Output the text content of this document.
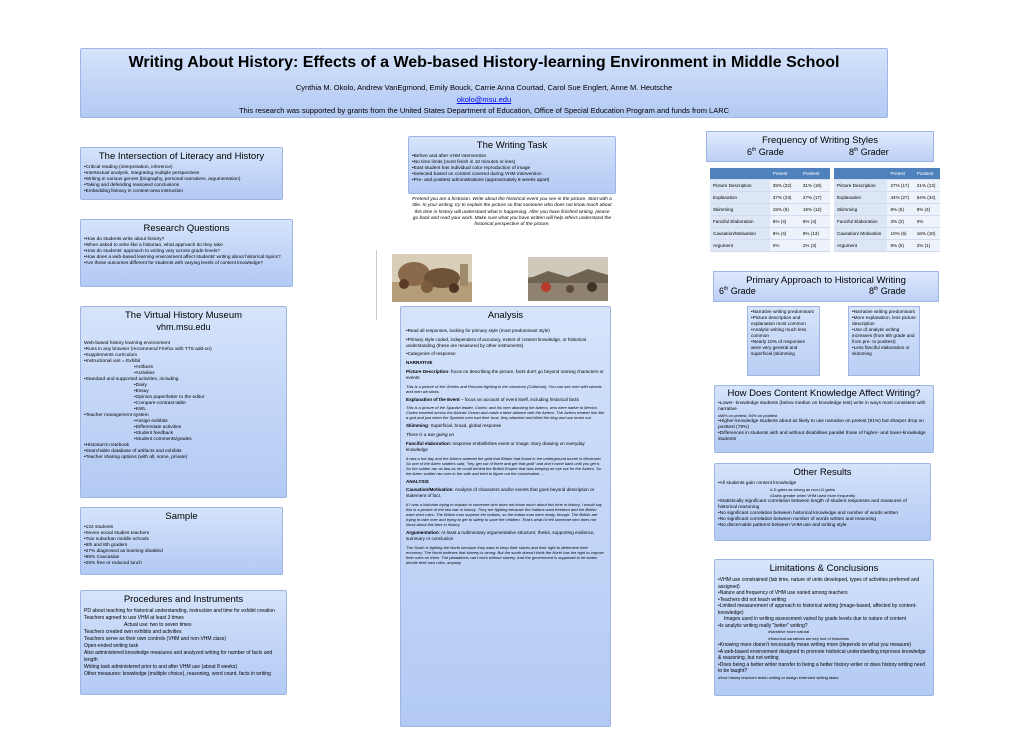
Writing About History: Effects of a Web-based History-learning Environment in Middle School
Cynthia M. Okolo, Andrew VanEgmond, Emily Bouck, Carrie Anna Courtad, Carol Sue Englert, Anne M. Heutsche
okolo@msu.edu
This research was supported by grants from the United States Department of Education, Office of Special Education Program and funds from LARC
The Intersection of Literacy and History
•Critical reading (interpretation, inference)
•Intertextual analysis, integrating multiple perspectives
•Writing in various genres (biography, personal narratives, argumentation)
•Taking and defending reasoned conclusions
•Embedding literacy in content-area instruction
Research Questions
•How do students write about history?
•When asked to write like a historian, what approach do they take
•How do students' approach to writing vary across grade levels?
•How does a web-based learning environment affect students' writing about historical topics?
•Are these outcomes different for students with varying levels of content knowledge?
The Virtual History Museum
vhm.msu.edu
Web-based history learning environment
•Runs in any browser (recommend Firefox with TTS add-on)
•Supplements curriculum
•Instructional unit = Exhibit
•Artifacts
•Activities
•Standard and supported activities, including
•Dairy
•Essay
•Opinion paper/letter to the editor
•Compare-contrast table
•KWL
•Teacher management system
•Assign exhibits
•Differentiate activities
•Student feedback
•Student comments/grades
•Historian's notebook
•Searchable database of artifacts and exhibits
•Teacher sharing options (with all, some, private)
Sample
•124 students
•Seven social studies teachers
•Two suburban middle schools
•6th and 8th graders
•27% diagnosed as learning disabled
•95% Caucasian
•25% free or reduced lunch
Procedures and Instruments
PD about teaching for historical understanding, instruction and time for exhibit creation
Teachers agreed to use VHM at least 3 times
Actual use: two to seven times
Teachers created own exhibits and activities
Teachers serve as their own controls (VHM and non-VHM class)
Open-ended writing task
Also administered knowledge measures and analyzed writing for number of facts and length
Writing task administered prior to and after VHM use (about 8 weeks)
Other measures: knowledge (multiple choice), reasoning, word count, facts in writing
The Writing Task
•Before and after VHM intervention
•No time limits (most finish in 10 minutes or less)
•East student has individual color reproduction of image
•Selected based on content covered during VHM intervention
•Pre- and posttest administrations (approximately 8 weeks apart)
Pretend you are a historian. Write about the historical event you see in the picture. Start with a title. In your writing, try to explain the picture so that someone who does not know much about this time in history will understand what is happening. After you have finished writing, please go back and read your work. Make sure what you have written will help others understand the historical perspective of the picture.
Analysis

•Read all responses, looking for primary style (most predominant style)

•Primary style coded, independent of accuracy, extent of content knowledge, or historical understanding (these are measured by other instruments)

•Categories of response:

NARRATIVE

Picture Description- focus on describing the picture, facts don't go beyond naming characters or events

This is a picture of the Greeks and Romans fighting in the coloseom (Coliseum). You can see men with swords and men wit sticks.

Explanation of the Event – focus on account of event itself, including historical facts

This is a picture of the Spanish leader, Cortez, and his men attacking the Aztecs, who were native to Mexico. Cortez traveled across the Atlantic Ocean and made a false alliance with the Aztecs. The Aztecs treated him like a god and just when the Spanish men had their trust, they attacked and killed the king and war broke out.

Skimming: Superficial, broad, global response

There is a war going on

Fanciful elaboration: response embellishes event or image; story drawing on everyday knowledge

It was a hot day and the Aztecs watered the gold that Britain had found in the underground tunnel in Mexicodo. So one of the Aztec soldiers said, "hey, get out of there and get that gold" and don't come back until you get it. So the soldier ran as fast as he could behind the British Empire that was keeping an eye out for the Aztecs. So the Aztec soldier ran over to the safe and tried to figure out the combination.…

ANALYSIS

Causation/Motivation: Analysis of characters and/or events that goes beyond description or statement of fact.

If I was a historian trying to explain to someone who does not know much about this time in history, I would say this is a picture of the last war in history. They are fighting because the Indians want freedom and the British want strict rules. The British man surprise the Indians, so the Indian man were ready, though. The British are trying to take over and trying to get to safety to save the children. That's what I'd tell someone who does not know about this time in history.

Argumentation: At least a rudimentary argumentative structure; thesis, supporting evidence, summary or conclusion

The South is fighting the North because they want to keep their slaves and their right to determine their economy. The North believes that slavery is wrong. But the south doesn't think the North has the right to impose their rules on them. The plantations can't work without slavery. And the government is supposed to let states decide their own rules, anyway.

Frequency of Writing Styles
6th Grade	8th Grader
	Pretest	Posttest
Picture Description	35% (22)	31% (19)
Explanation	37% (23)	27% (17)
Skimming	15% (9)	19% (12)
Fanciful Elaboration	6% (4)	6% (4)
Causation/Motivation	6% (4)	8% (13)
Argument	0%	2% (3)
	Pretest	Posttest
Picture Description	27% (17)	21% (13)
Explanation	44% (27)	54% (34)
Skimming	8% (5)	6% (4)
Fanciful Elaboration	3% (2)	0%
Causation/ Motivation	10% (6)	16% (10)
Argument	8% (5)	2% (1)
Primary Approach to Historical Writing
6th Grade	8th Grade
•Narrative writing predominant
•Picture description and explanation most common
•Analytic writing much less common
•Nearly 10% of responses were very general and superficial (skimming
•Narrative writing predominant
•More explanation, less picture description
•Use of analytic writing increases (from 6th grade and from pre- to posttest)
•Less fanciful elaboration or skimming
How Does Content Knowledge Affect Writing?
•Lower- knowledge students (below median on knowledge test) write in ways most consistent with narrative
•88% on pretest, 84% on posttest
•Higher-knowledge students about as likely to use narrative on pretest (91%) but sharper drop on posttest (79%)
•Differences in students with and without disabilities parallel those of higher- and lower-knowledge students
Other Results
•All students gain content knowledge
•LD gains as strong as non-LD gains
•Gains greater when VHM used more frequently
•Statistically significant correlation between length of student responses and measures of historical reasoning
•No significant correlation between historical knowledge and number of words written
•No significant correlation between number of words written and reasoning
•No discernable patterns between VHM use and writing style
Limitations & Conclusions
•VHM use constrained (lab time, nature of units developed, types of activities preferred and assigned)
•Nature and frequency of VHM use varied among teachers
•Teachers did not teach writing
•Limited measurement of approach to historical writing (image-based, affected by content-knowledge)
Images used in writing assessment varied by grade levels due to nature of content
•Is analytic writing really "better" writing?
•Narrative more natural
•Historical narratives are key tool of historians
•Knowing more doesn't necessarily mean writing more (depends on what you measure)
•A web-based environment designed to promote historical understanding improves knowledge & reasoning, but not writing
•Does being a better writer transfer to being a better history writer or does history writing need to be taught?
•How history teachers teach writing or assign extended writing tasks
